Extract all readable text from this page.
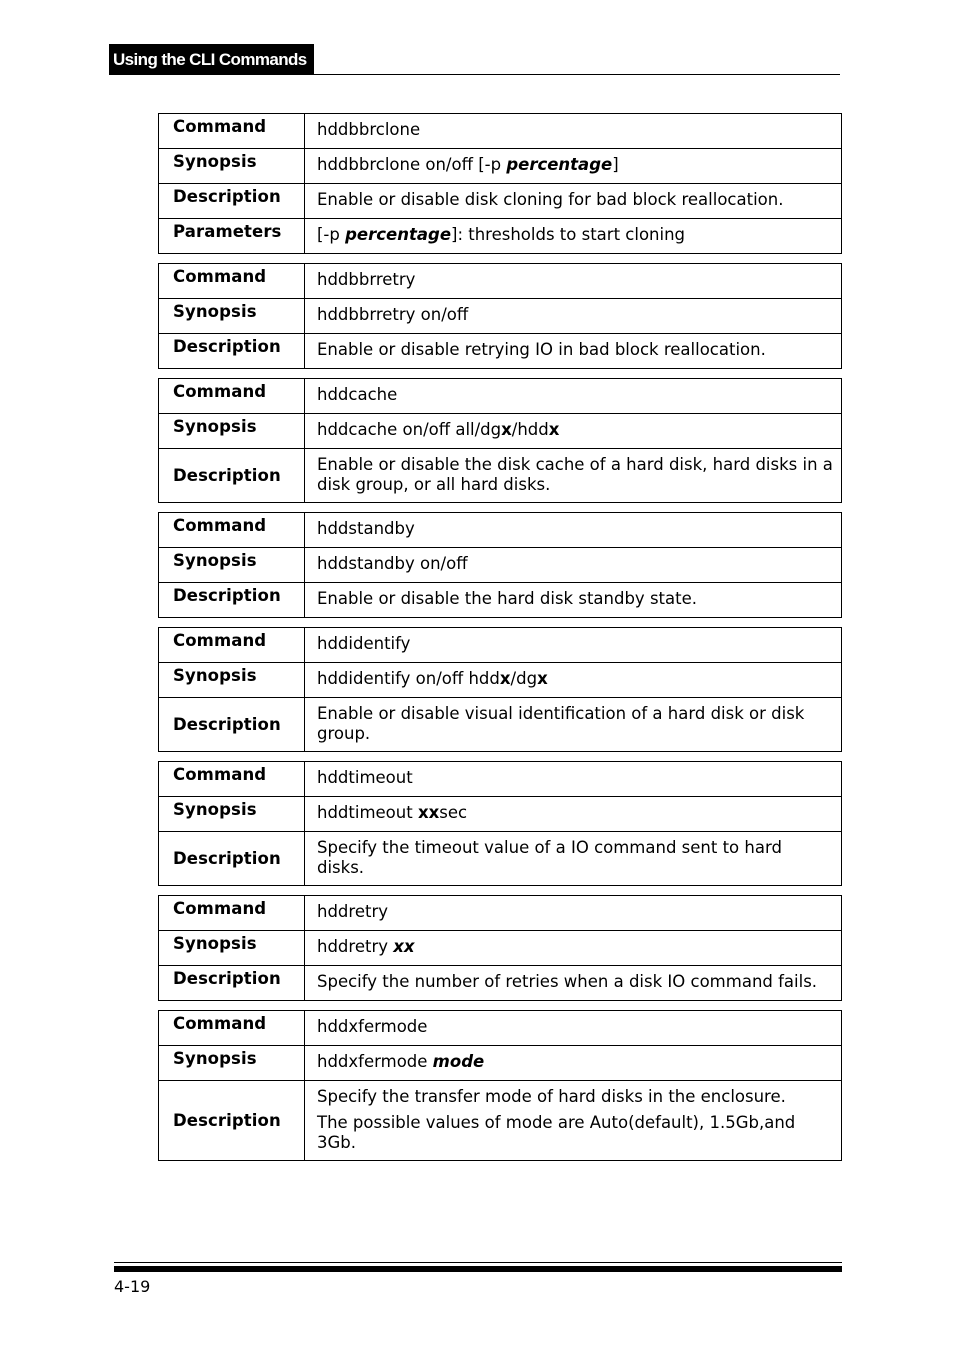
Using the CLI Commands
Command	hddbbrclone
Synopsis	hddbbrclone on/off [-p percentage]
Description	Enable or disable disk cloning for bad block reallocation.
Parameters	[-p percentage]: thresholds to start cloning
Command	hddbbrretry
Synopsis	hddbbrretry on/off
Description	Enable or disable retrying IO in bad block reallocation.
Command	hddcache
Synopsis	hddcache on/off all/dgx/hddx
Description	Enable or disable the disk cache of a hard disk, hard disks in a disk group, or all hard disks.
Command	hddstandby
Synopsis	hddstandby on/off
Description	Enable or disable the hard disk standby state.
Command	hddidentify
Synopsis	hddidentify on/off hddx/dgx
Description	Enable or disable visual identification of a hard disk or disk group.
Command	hddtimeout
Synopsis	hddtimeout xxsec
Description	Specify the timeout value of a IO command sent to hard disks.
Command	hddretry
Synopsis	hddretry xx
Description	Specify the number of retries when a disk IO command fails.
Command	hddxfermode
Synopsis	hddxfermode mode
Description	Specify the transfer mode of hard disks in the enclosure.

The possible values of mode are Auto(default), 1.5Gb,and 3Gb.

4-19
